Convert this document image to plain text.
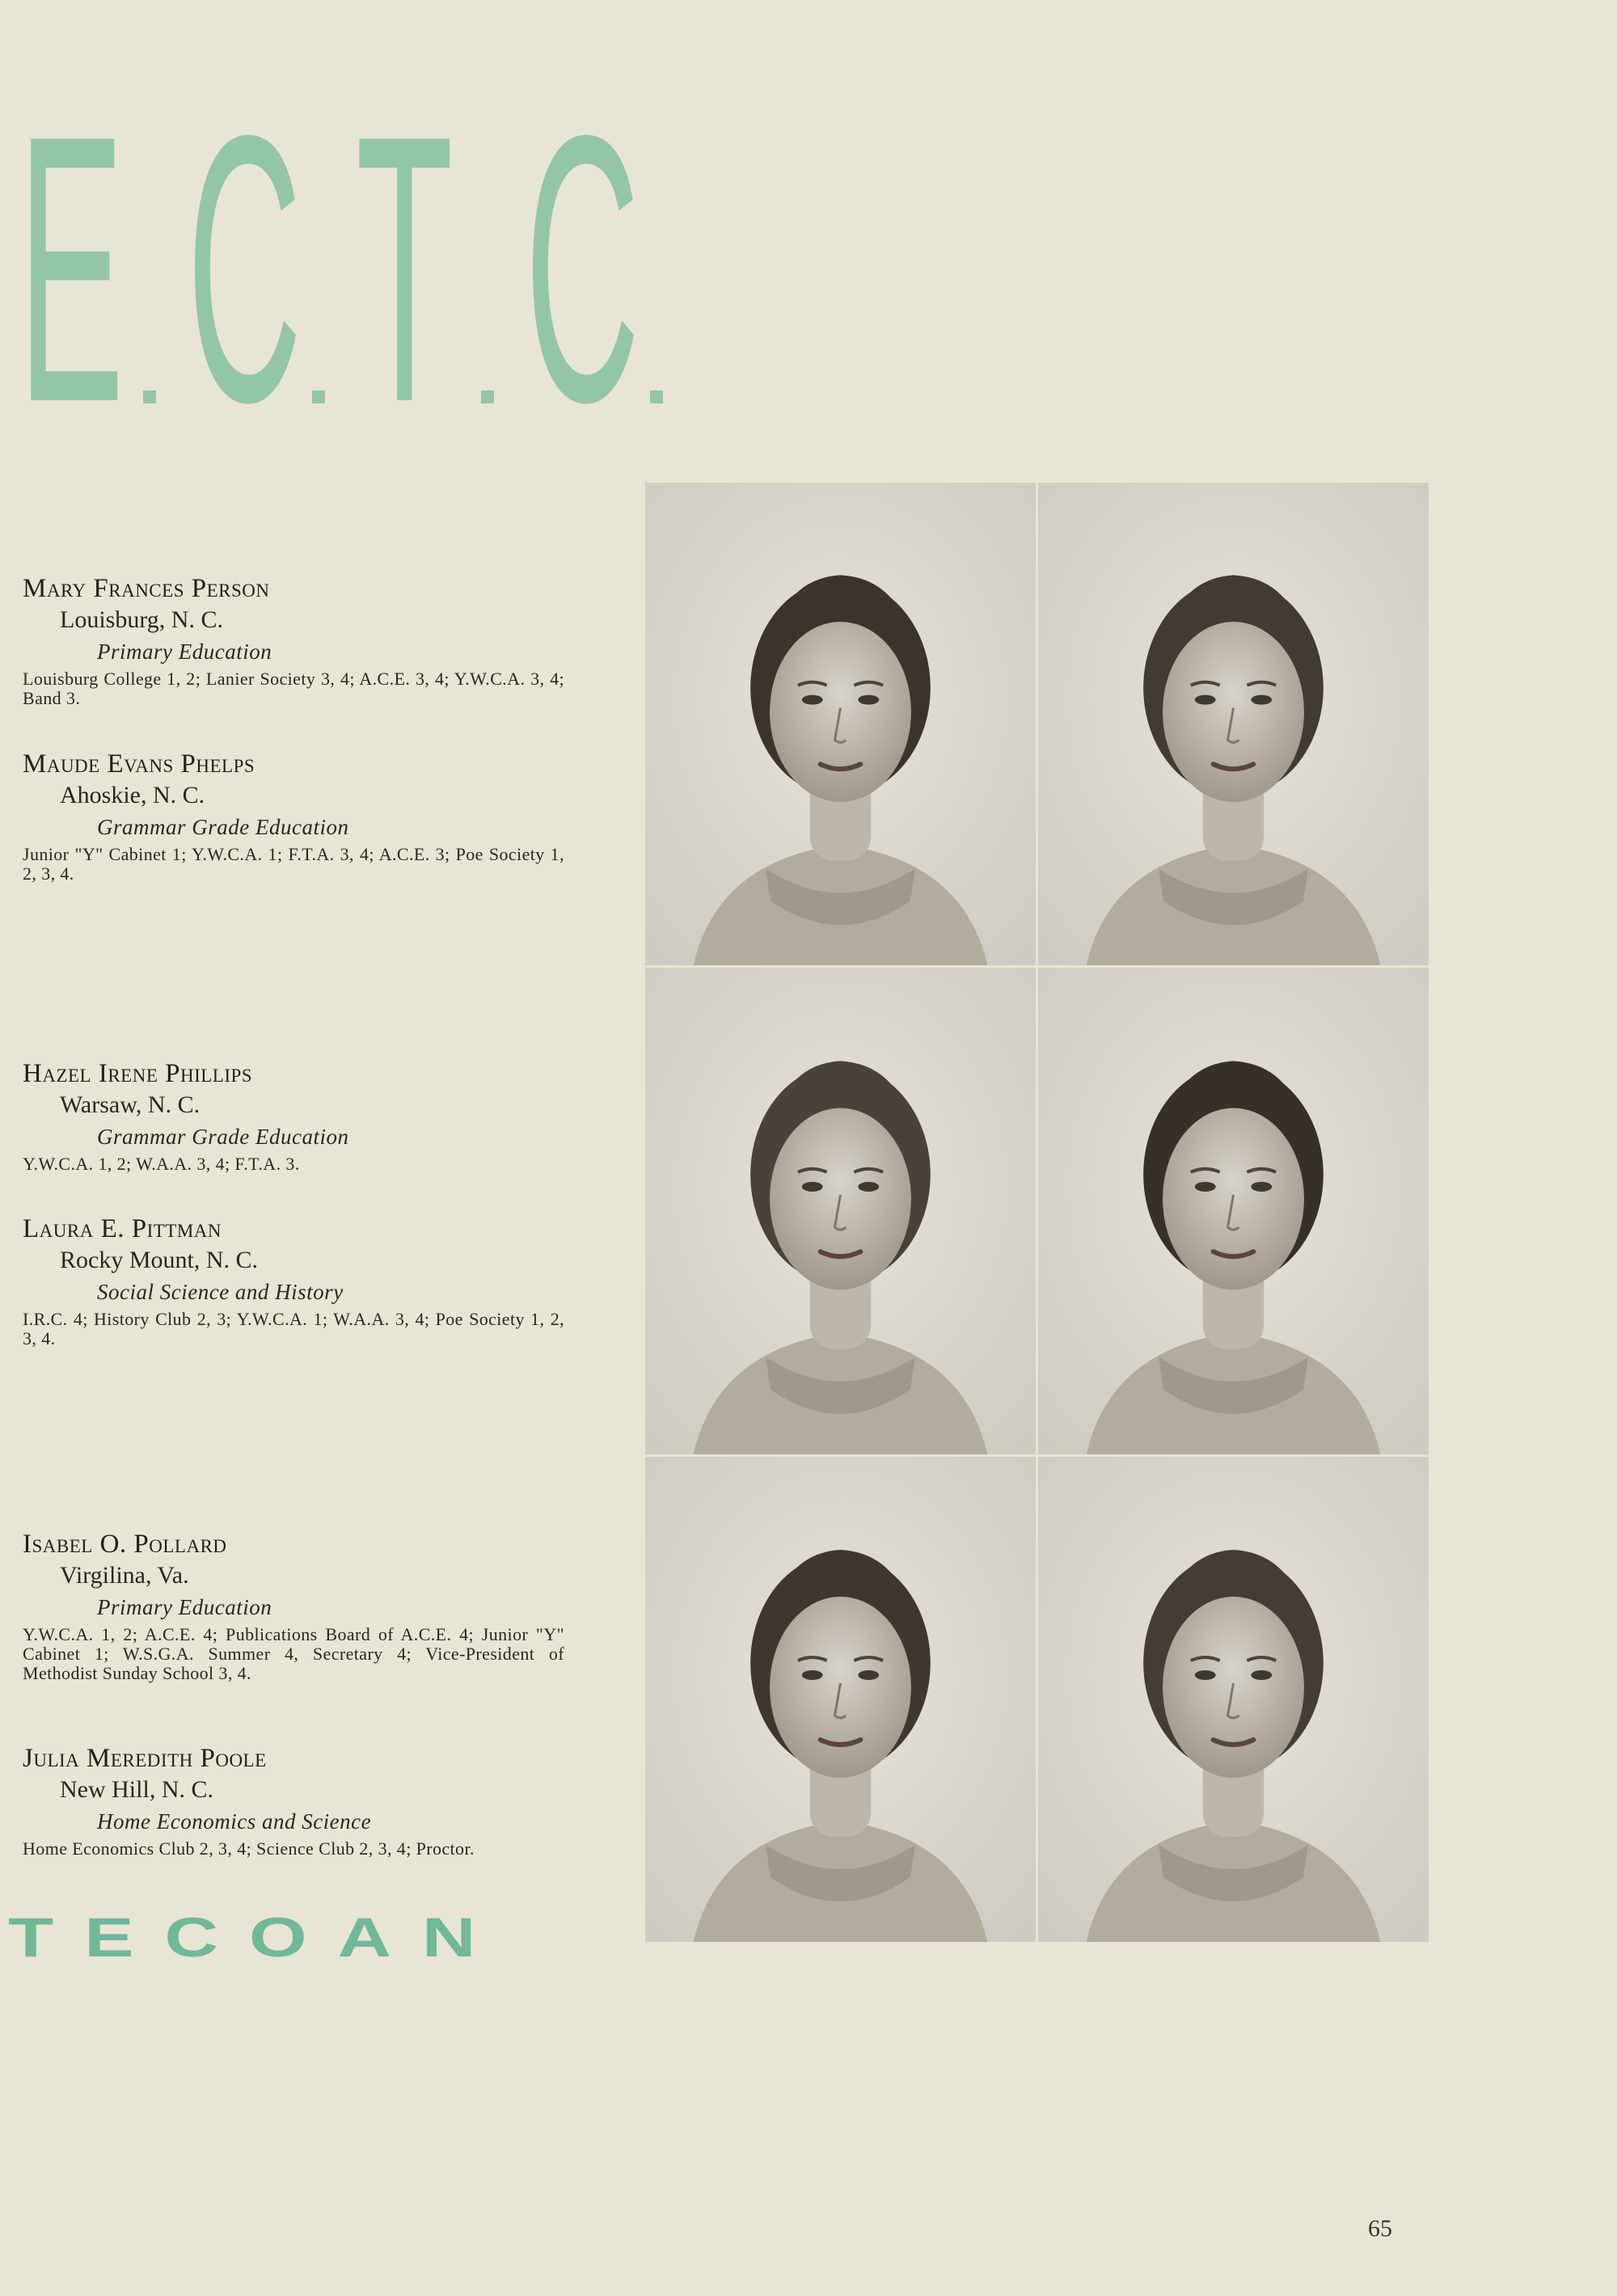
E C T C

Mary Frances Person

Louisburg, N. C.

Primary Education

Louisburg College 1, 2; Lanier Society 3, 4; A.C.E. 3, 4; Y.W.C.A. 3, 4; Band 3.

Maude Evans Phelps

Ahoskie, N. C.

Grammar Grade Education

Junior "Y" Cabinet 1; Y.W.C.A. 1; F.T.A. 3, 4; A.C.E. 3; Poe Society 1, 2, 3, 4.

Hazel Irene Phillips

Warsaw, N. C.

Grammar Grade Education

Y.W.C.A. 1, 2; W.A.A. 3, 4; F.T.A. 3.

Laura E. Pittman

Rocky Mount, N. C.

Social Science and History

I.R.C. 4; History Club 2, 3; Y.W.C.A. 1; W.A.A. 3, 4; Poe Society 1, 2, 3, 4.

Isabel O. Pollard

Virgilina, Va.

Primary Education

Y.W.C.A. 1, 2; A.C.E. 4; Publications Board of A.C.E. 4; Junior "Y" Cabinet 1; W.S.G.A. Summer 4, Secretary 4; Vice-President of Methodist Sunday School 3, 4.

Julia Meredith Poole

New Hill, N. C.

Home Economics and Science

Home Economics Club 2, 3, 4; Science Club 2, 3, 4; Proctor.

TECOAN
65
